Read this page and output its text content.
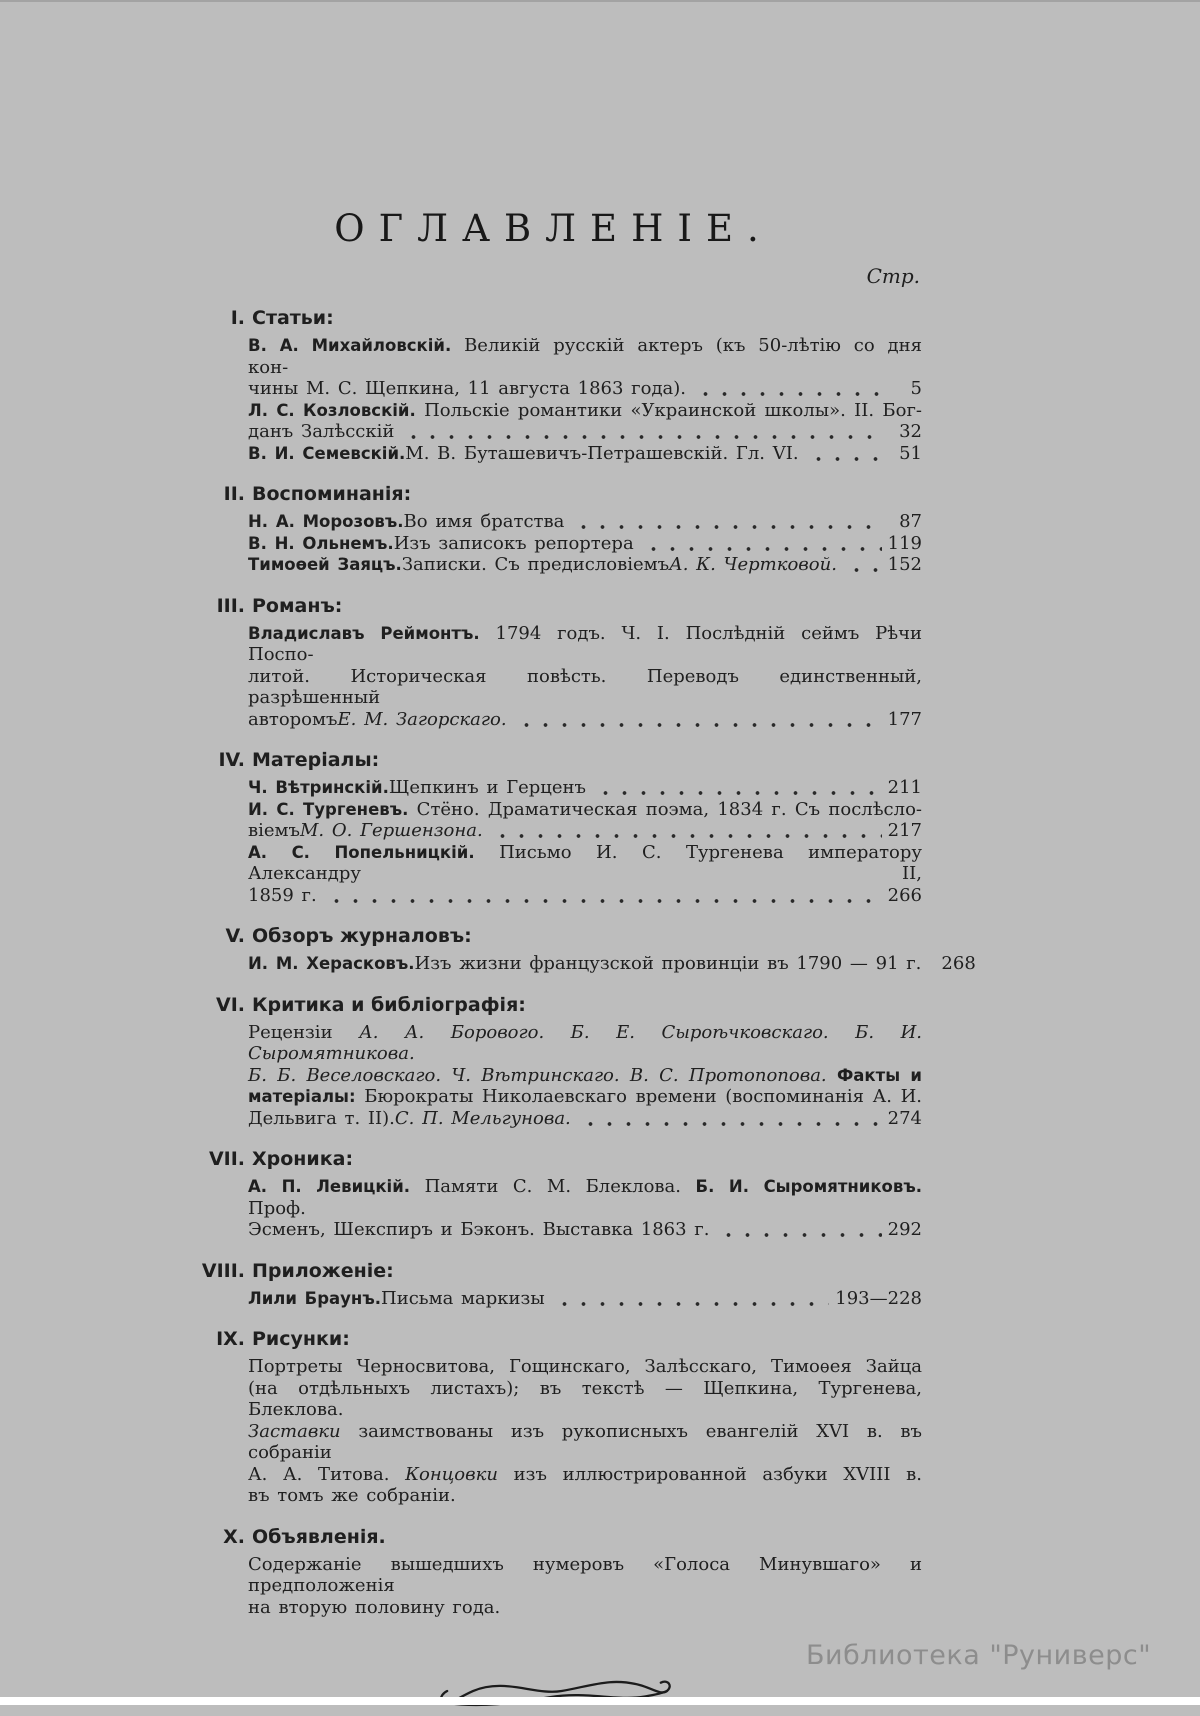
ОГЛАВЛЕНІЕ.
Стр.
I. Статьи:
В. А. Михайловскій. Великій русскій актеръ (къ 50-лѣтію со дня кон-
чины М. С. Щепкина, 11 августа 1863 года).	5
Л. С. Козловскій. Польскіе романтики «Украинской школы». II. Бог-
данъ Залѣсскій	32
В. И. Семевскій. М. В. Буташевичъ-Петрашевскій. Гл. VI.	51
II. Воспоминанія:
Н. А. Морозовъ. Во имя братства	87
В. Н. Ольнемъ. Изъ записокъ репортера	119
Тимоѳей Заяцъ. Записки. Съ предисловіемъ А. К. Чертковой.	152
III. Романъ:
Владиславъ Реймонтъ. 1794 годъ. Ч. I. Послѣдній сеймъ Рѣчи Поспо-
литой. Историческая повѣсть. Переводъ единственный, разрѣшенный
авторомъ Е. М. Загорскаго.	177
IV. Матеріалы:
Ч. Вѣтринскій. Щепкинъ и Герценъ	211
И. С. Тургеневъ. Стёно. Драматическая поэма, 1834 г. Съ послѣсло-
віемъ М. О. Гершензона.	217
А. С. Попельницкій. Письмо И. С. Тургенева императору Александру II,
1859 г.	266
V. Обзоръ журналовъ:
И. М. Херасковъ. Изъ жизни французской провинціи въ 1790 — 91 г. 268
VI. Критика и библіографія:
Рецензіи А. А. Борового. Б. Е. Сыроѣчковскаго. Б. И. Сыромятникова.
Б. Б. Веселовскаго. Ч. Вѣтринскаго. В. С. Протопопова. Факты и
матеріалы: Бюрократы Николаевскаго времени (воспоминанія А. И.
Дельвига т. II). С. П. Мельгунова.	274
VII. Хроника:
А. П. Левицкій. Памяти С. М. Блеклова. Б. И. Сыромятниковъ. Проф.
Эсменъ, Шекспиръ и Бэконъ. Выставка 1863 г.	292
VIII. Приложеніе:
Лили Браунъ. Письма маркизы	193—228
IX. Рисунки:
Портреты Черносвитова, Гощинскаго, Залѣсскаго, Тимоѳея Зайца
(на отдѣльныхъ листахъ); въ текстѣ — Щепкина, Тургенева, Блеклова.
Заставки заимствованы изъ рукописныхъ евангелій XVI в. въ собраніи
А. А. Титова. Концовки изъ иллюстрированной азбуки XVIII в.
въ томъ же собраніи.
X. Объявленія.
Содержаніе вышедшихъ нумеровъ «Голоса Минувшаго» и предположенія
на вторую половину года.
Библиотека "Руниверс"
